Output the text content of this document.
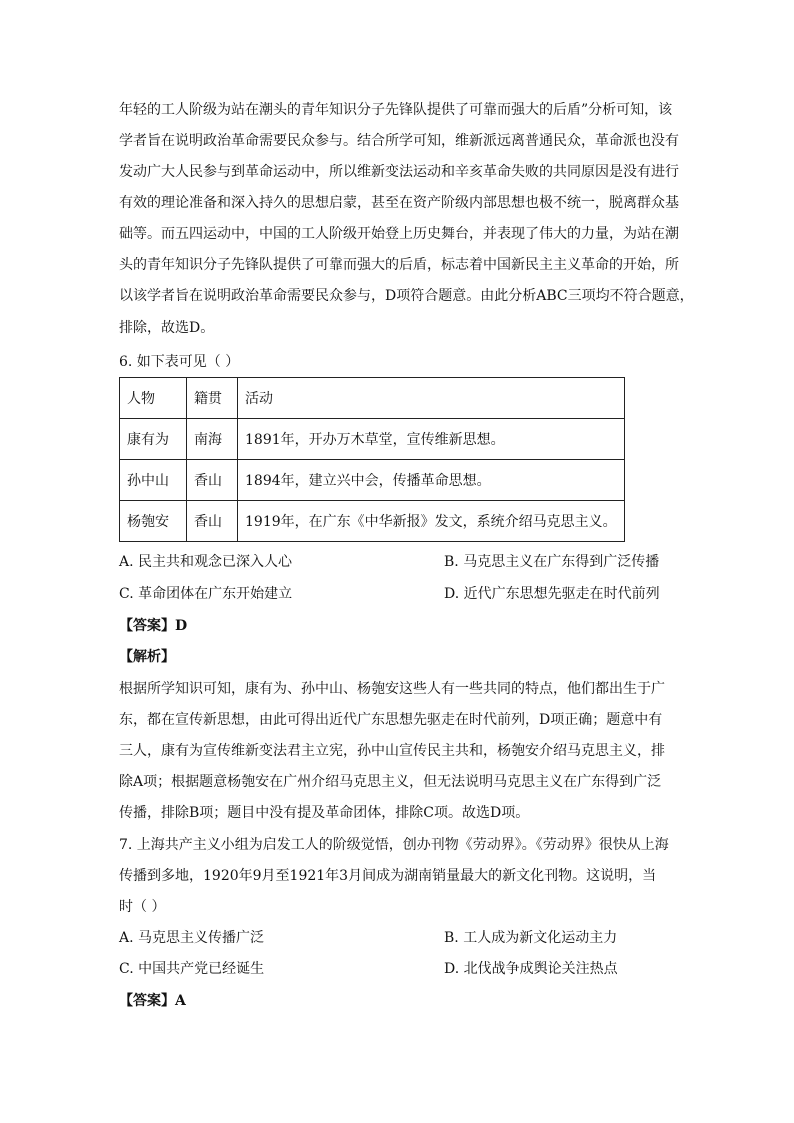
年轻的工人阶级为站在潮头的青年知识分子先锋队提供了可靠而强大的后盾”分析可知，该
学者旨在说明政治革命需要民众参与。结合所学可知，维新派远离普通民众，革命派也没有
发动广大人民参与到革命运动中，所以维新变法运动和辛亥革命失败的共同原因是没有进行
有效的理论准备和深入持久的思想启蒙，甚至在资产阶级内部思想也极不统一，脱离群众基
础等。而五四运动中，中国的工人阶级开始登上历史舞台，并表现了伟大的力量，为站在潮
头的青年知识分子先锋队提供了可靠而强大的后盾，标志着中国新民主主义革命的开始，所
以该学者旨在说明政治革命需要民众参与，D项符合题意。由此分析ABC三项均不符合题意，
排除，故选D。
6. 如下表可见（ ）
人物	籍贯	活动
康有为	南海	1891年，开办万木草堂，宣传维新思想。
孙中山	香山	1894年，建立兴中会，传播革命思想。
杨匏安	香山	1919年，在广东《中华新报》发文，系统介绍马克思主义。
A. 民主共和观念已深入人心	B. 马克思主义在广东得到广泛传播
C. 革命团体在广东开始建立	D. 近代广东思想先驱走在时代前列
【答案】D
【解析】
根据所学知识可知，康有为、孙中山、杨匏安这些人有一些共同的特点，他们都出生于广
东，都在宣传新思想，由此可得出近代广东思想先驱走在时代前列，D项正确；题意中有
三人，康有为宣传维新变法君主立宪，孙中山宣传民主共和，杨匏安介绍马克思主义，排
除A项；根据题意杨匏安在广州介绍马克思主义，但无法说明马克思主义在广东得到广泛
传播，排除B项；题目中没有提及革命团体，排除C项。故选D项。
7. 上海共产主义小组为启发工人的阶级觉悟，创办刊物《劳动界》。《劳动界》很快从上海
传播到多地，1920年9月至1921年3月间成为湖南销量最大的新文化刊物。这说明，当
时（ ）
A. 马克思主义传播广泛	B. 工人成为新文化运动主力
C. 中国共产党已经诞生	D. 北伐战争成舆论关注热点
【答案】A
